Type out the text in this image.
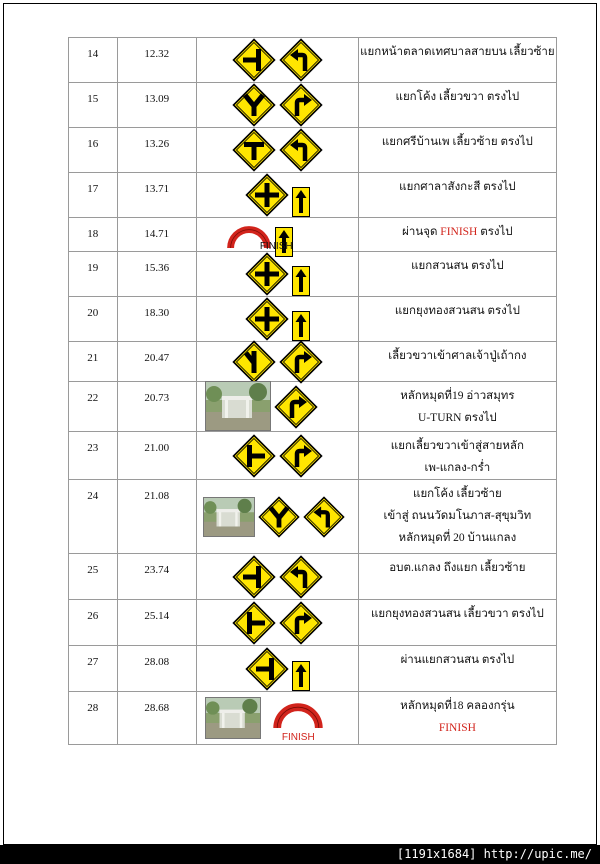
14	12.32		แยกหน้าตลาดเทศบาลสายบน เลี้ยวซ้าย

15	13.09		แยกโค้ง เลี้ยวขวา ตรงไป

16	13.26		แยกศรีบ้านเพ เลี้ยวซ้าย ตรงไป

17	13.71		แยกศาลาสังกะสี ตรงไป

18	14.71	FINISH	ผ่านจุด FINISH ตรงไป

19	15.36		แยกสวนสน ตรงไป

20	18.30		แยกยุงทองสวนสน ตรงไป

21	20.47		เลี้ยวขวาเข้าศาลเจ้าปู่เถ้ากง

22	20.73		หลักหมุดที่19 อ่าวสมุทร
U-TURN ตรงไป

23	21.00		แยกเลี้ยวขวาเข้าสู่สายหลัก
เพ-แกลง-กร่ำ

24	21.08		แยกโค้ง เลี้ยวซ้าย
เข้าสู่ ถนนวัดมโนภาส-สุขุมวิท
หลักหมุดที่ 20 บ้านแกลง

25	23.74		อบต.แกลง ถึงแยก เลี้ยวซ้าย

26	25.14		แยกยุงทองสวนสน เลี้ยวขวา ตรงไป

27	28.08		ผ่านแยกสวนสน ตรงไป

28	28.68	FINISH	หลักหมุดที่18 คลองกรุ่น
FINISH
[1191x1684] http://upic.me/
